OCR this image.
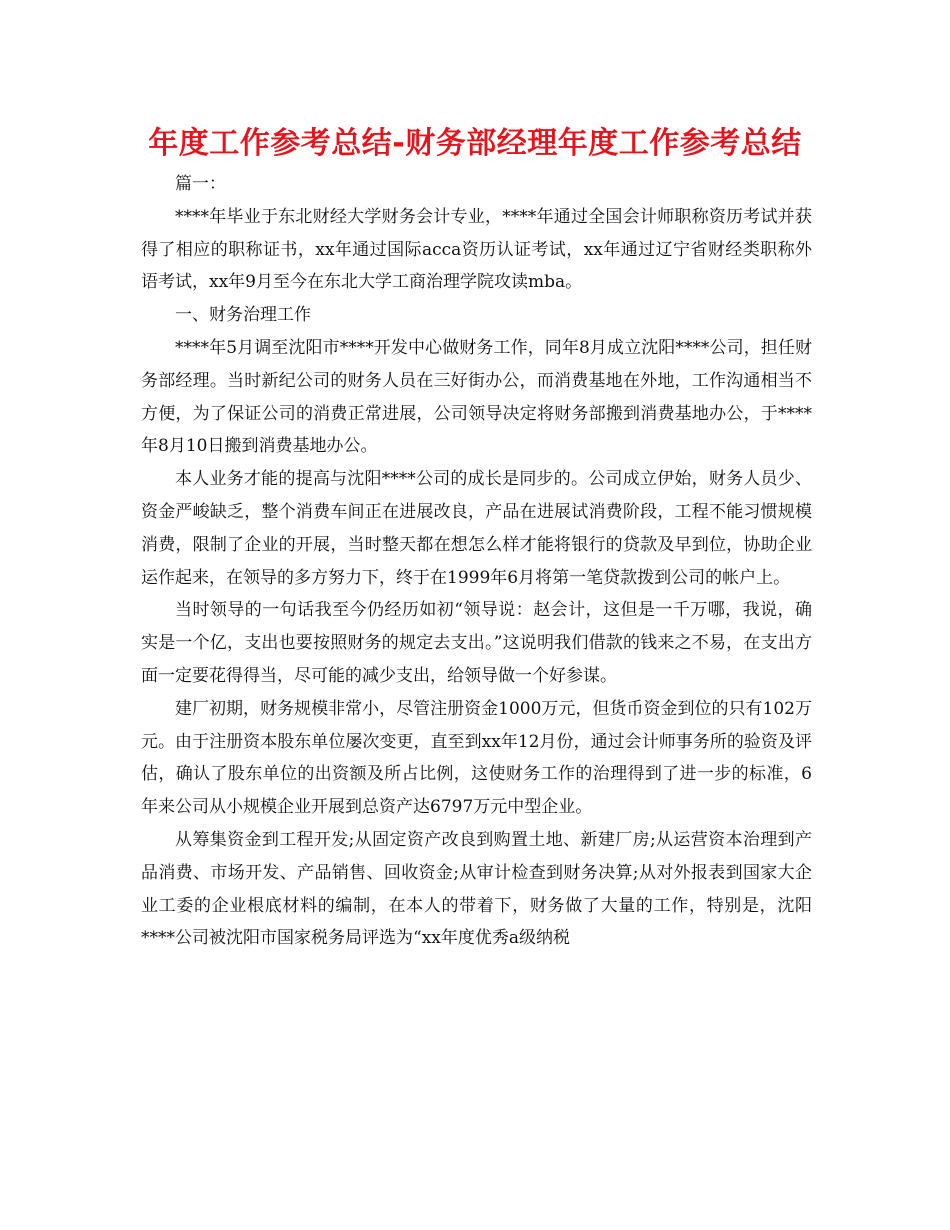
年度工作参考总结-财务部经理年度工作参考总结

篇一：

****年毕业于东北财经大学财务会计专业，****年通过全国会计师职称资历考试并获得了相应的职称证书，xx年通过国际acca资历认证考试，xx年通过辽宁省财经类职称外语考试，xx年9月至今在东北大学工商治理学院攻读mba。

一、财务治理工作

****年5月调至沈阳市****开发中心做财务工作，同年8月成立沈阳****公司，担任财务部经理。当时新纪公司的财务人员在三好街办公，而消费基地在外地，工作沟通相当不方便，为了保证公司的消费正常进展，公司领导决定将财务部搬到消费基地办公，于****年8月10日搬到消费基地办公。

本人业务才能的提高与沈阳****公司的成长是同步的。公司成立伊始，财务人员少、资金严峻缺乏，整个消费车间正在进展改良，产品在进展试消费阶段，工程不能习惯规模消费，限制了企业的开展，当时整天都在想怎么样才能将银行的贷款及早到位，协助企业运作起来，在领导的多方努力下，终于在1999年6月将第一笔贷款拨到公司的帐户上。

当时领导的一句话我至今仍经历如初“领导说：赵会计，这但是一千万哪，我说，确实是一个亿，支出也要按照财务的规定去支出。”这说明我们借款的钱来之不易，在支出方面一定要花得得当，尽可能的减少支出，给领导做一个好参谋。

建厂初期，财务规模非常小，尽管注册资金1000万元，但货币资金到位的只有102万元。由于注册资本股东单位屡次变更，直至到xx年12月份，通过会计师事务所的验资及评估，确认了股东单位的出资额及所占比例，这使财务工作的治理得到了进一步的标准，6年来公司从小规模企业开展到总资产达6797万元中型企业。

从筹集资金到工程开发;从固定资产改良到购置土地、新建厂房;从运营资本治理到产品消费、市场开发、产品销售、回收资金;从审计检查到财务决算;从对外报表到国家大企业工委的企业根底材料的编制，在本人的带着下，财务做了大量的工作，特别是，沈阳****公司被沈阳市国家税务局评选为“xx年度优秀a级纳税
